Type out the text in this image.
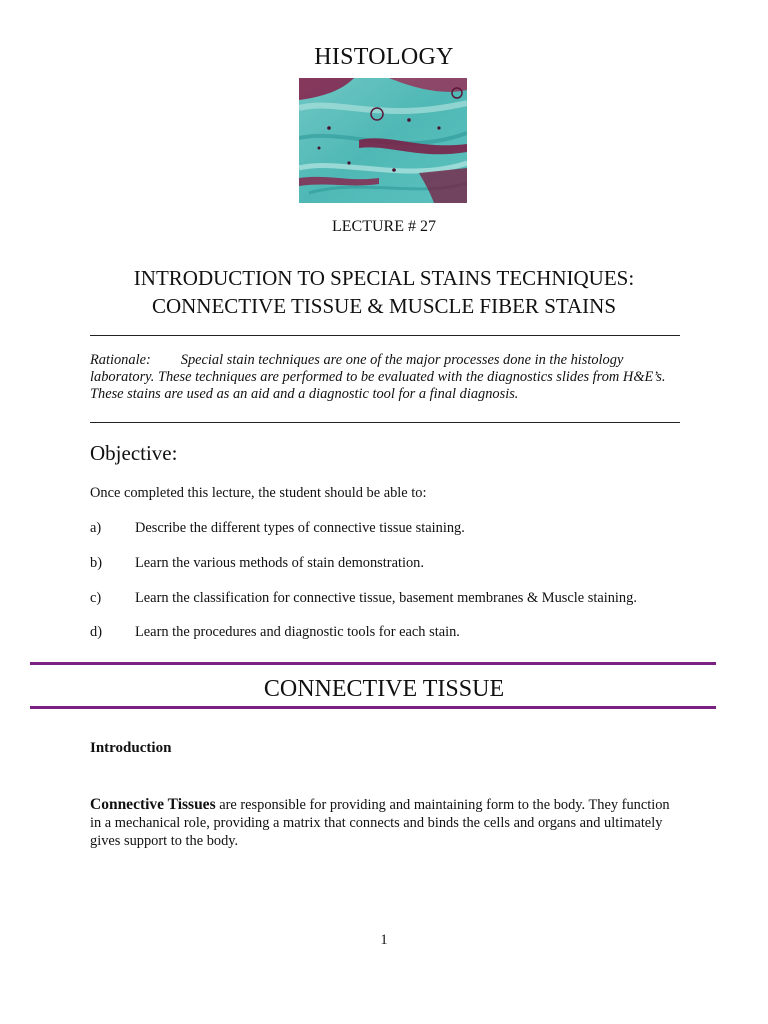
HISTOLOGY
LECTURE # 27
INTRODUCTION TO SPECIAL STAINS TECHNIQUES:
CONNECTIVE TISSUE & MUSCLE FIBER STAINS
Rationale: Special stain techniques are one of the major processes done in the histology laboratory. These techniques are performed to be evaluated with the diagnostics slides from H&E’s. These stains are used as an aid and a diagnostic tool for a final diagnosis.
Objective:
Once completed this lecture, the student should be able to:
a) Describe the different types of connective tissue staining.
b) Learn the various methods of stain demonstration.
c) Learn the classification for connective tissue, basement membranes & Muscle staining.
d) Learn the procedures and diagnostic tools for each stain.
CONNECTIVE TISSUE
Introduction
Connective Tissues are responsible for providing and maintaining form to the body. They function in a mechanical role, providing a matrix that connects and binds the cells and organs and ultimately gives support to the body.
1
